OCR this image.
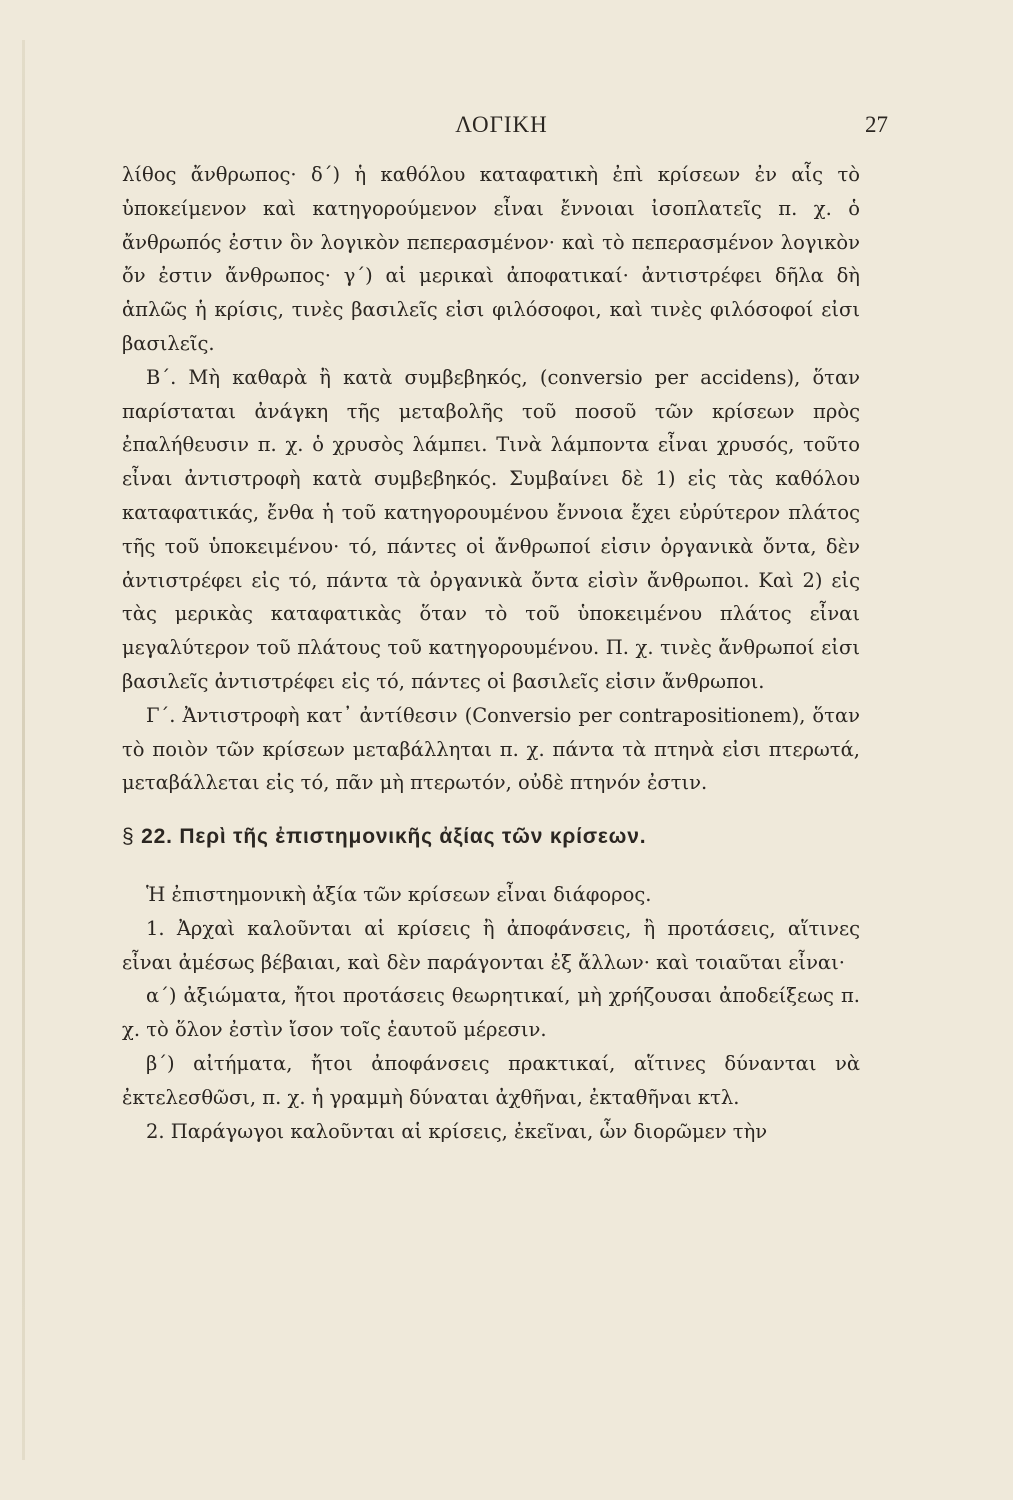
ΛΟΓΙΚΗ	27

λίθος ἄνθρωπος· δ΄) ἡ καθόλου καταφατικὴ ἐπὶ κρίσεων ἐν αἷς τὸ ὑποκείμενον καὶ κατηγορούμενον εἶναι ἔννοιαι ἰσοπλατεῖς π. χ. ὁ ἄνθρωπός ἐστιν ὃν λογικὸν πεπερασμένον· καὶ τὸ πεπερασμένον λογικὸν ὄν ἐστιν ἄνθρωπος· γ΄) αἱ μερικαὶ ἀποφατικαί· ἀντιστρέφει δῆλα δὴ ἁπλῶς ἡ κρίσις, τινὲς βασιλεῖς εἰσι φιλόσοφοι, καὶ τινὲς φιλόσοφοί εἰσι βασιλεῖς.

Β΄. Μὴ καθαρὰ ἢ κατὰ συμβεβηκός, (conversio per accidens), ὅταν παρίσταται ἀνάγκη τῆς μεταβολῆς τοῦ ποσοῦ τῶν κρίσεων πρὸς ἐπαλήθευσιν π. χ. ὁ χρυσὸς λάμπει. Τινὰ λάμποντα εἶναι χρυσός, τοῦτο εἶναι ἀντιστροφὴ κατὰ συμβεβηκός. Συμβαίνει δὲ 1) εἰς τὰς καθόλου καταφατικάς, ἔνθα ἡ τοῦ κατηγορουμένου ἔννοια ἔχει εὐρύτερον πλάτος τῆς τοῦ ὑποκειμένου· τό, πάντες οἱ ἄνθρωποί εἰσιν ὀργανικὰ ὄντα, δὲν ἀντιστρέφει εἰς τό, πάντα τὰ ὀργανικὰ ὄντα εἰσὶν ἄνθρωποι. Καὶ 2) εἰς τὰς μερικὰς καταφατικὰς ὅταν τὸ τοῦ ὑποκειμένου πλάτος εἶναι μεγαλύτερον τοῦ πλάτους τοῦ κατηγορουμένου. Π. χ. τινὲς ἄνθρωποί εἰσι βασιλεῖς ἀντιστρέφει εἰς τό, πάντες οἱ βασιλεῖς εἰσιν ἄνθρωποι.

Γ΄. Ἀντιστροφὴ κατ᾽ ἀντίθεσιν (Conversio per contrapositionem), ὅταν τὸ ποιὸν τῶν κρίσεων μεταβάλληται π. χ. πάντα τὰ πτηνὰ εἰσι πτερωτά, μεταβάλλεται εἰς τό, πᾶν μὴ πτερωτόν, οὐδὲ πτηνόν ἐστιν.

§ 22. Περὶ τῆς ἐπιστημονικῆς ἀξίας τῶν κρίσεων.

Ἡ ἐπιστημονικὴ ἀξία τῶν κρίσεων εἶναι διάφορος.

1. Ἀρχαὶ καλοῦνται αἱ κρίσεις ἢ ἀποφάνσεις, ἢ προτάσεις, αἵτινες εἶναι ἀμέσως βέβαιαι, καὶ δὲν παράγονται ἐξ ἄλλων· καὶ τοιαῦται εἶναι·

α΄) ἀξιώματα, ἤτοι προτάσεις θεωρητικαί, μὴ χρήζουσαι ἀποδείξεως π. χ. τὸ ὅλον ἐστὶν ἴσον τοῖς ἑαυτοῦ μέρεσιν.

β΄) αἰτήματα, ἤτοι ἀποφάνσεις πρακτικαί, αἵτινες δύνανται νὰ ἐκτελεσθῶσι, π. χ. ἡ γραμμὴ δύναται ἀχθῆναι, ἐκταθῆναι κτλ.

2. Παράγωγοι καλοῦνται αἱ κρίσεις, ἐκεῖναι, ὧν διορῶμεν τὴν
